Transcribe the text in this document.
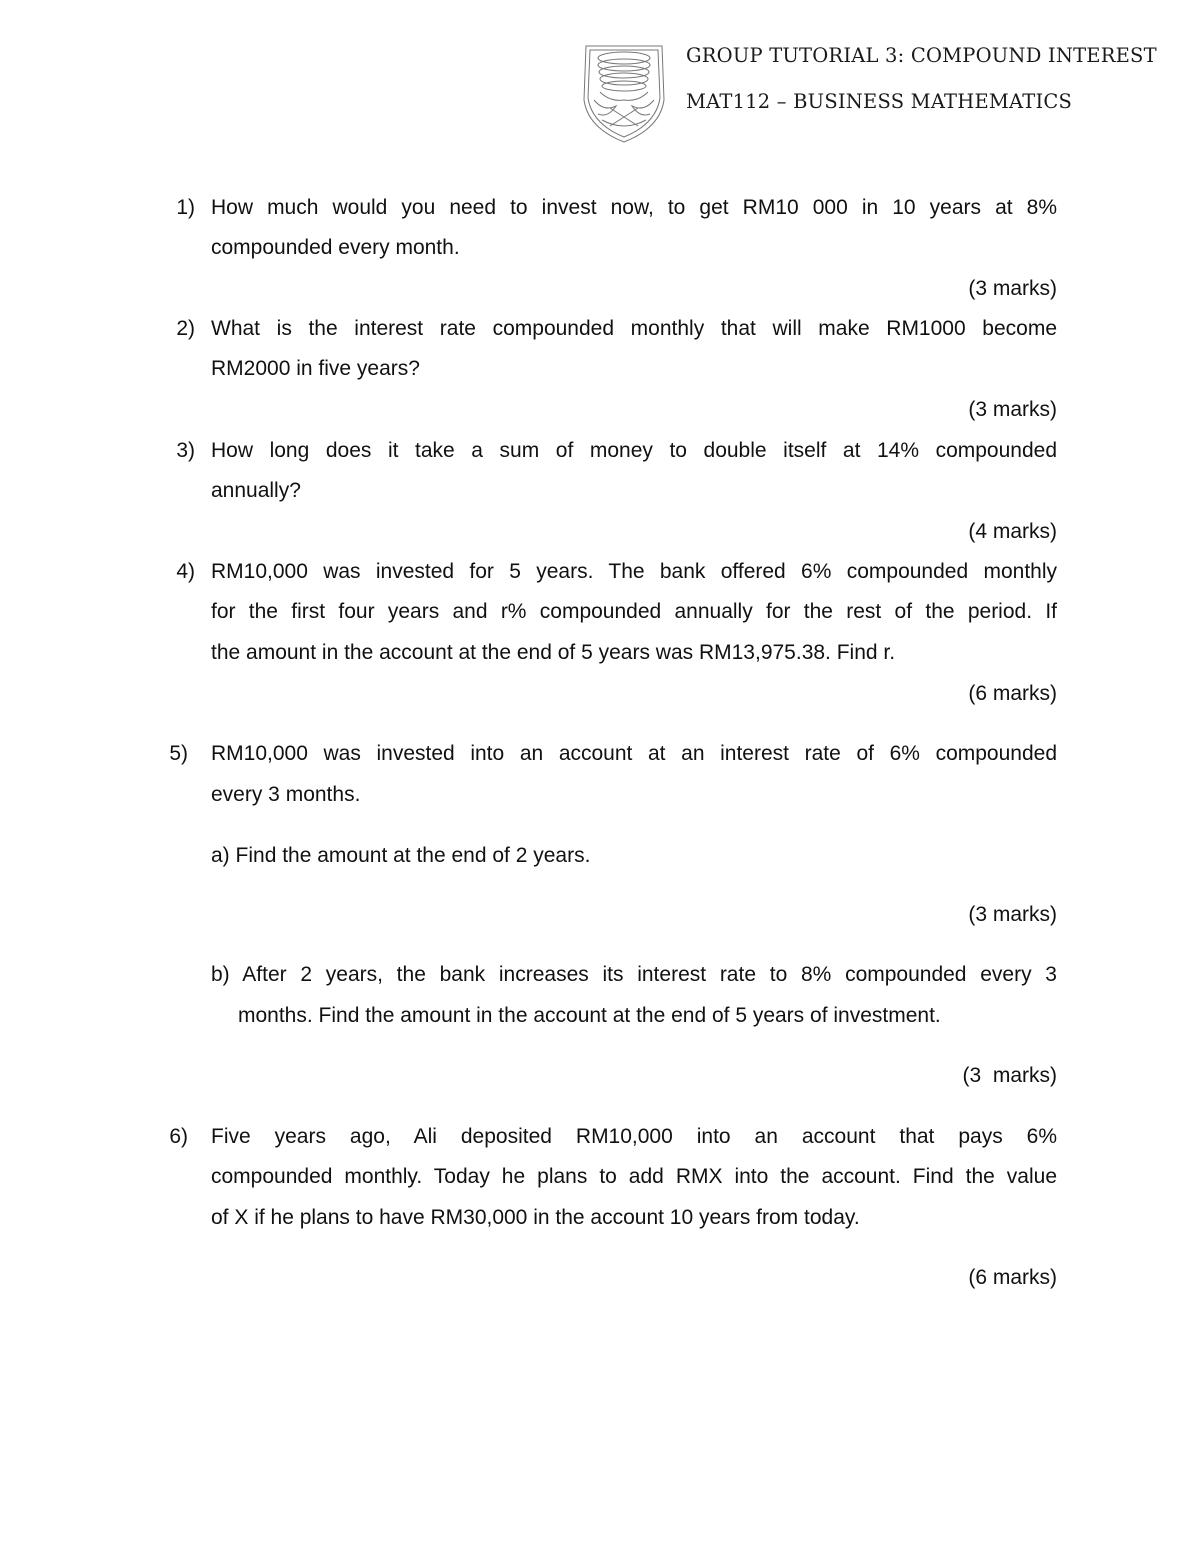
GROUP TUTORIAL 3: COMPOUND INTEREST
MAT112 – BUSINESS MATHEMATICS
1) How much would you need to invest now, to get RM10 000 in 10 years at 8%
compounded every month.
(3 marks)
2) What is the interest rate compounded monthly that will make RM1000 become
RM2000 in five years?
(3 marks)
3) How long does it take a sum of money to double itself at 14% compounded
annually?
(4 marks)
4) RM10,000 was invested for 5 years. The bank offered 6% compounded monthly
for the first four years and r% compounded annually for the rest of the period. If
the amount in the account at the end of 5 years was RM13,975.38. Find r.
(6 marks)
5) RM10,000 was invested into an account at an interest rate of 6% compounded
every 3 months.
a) Find the amount at the end of 2 years.
(3 marks)
b) After 2 years, the bank increases its interest rate to 8% compounded every 3
months. Find the amount in the account at the end of 5 years of investment.
(3  marks)
6) Five years ago, Ali deposited RM10,000 into an account that pays 6%
compounded monthly. Today he plans to add RMX into the account. Find the value
of X if he plans to have RM30,000 in the account 10 years from today.
(6 marks)
